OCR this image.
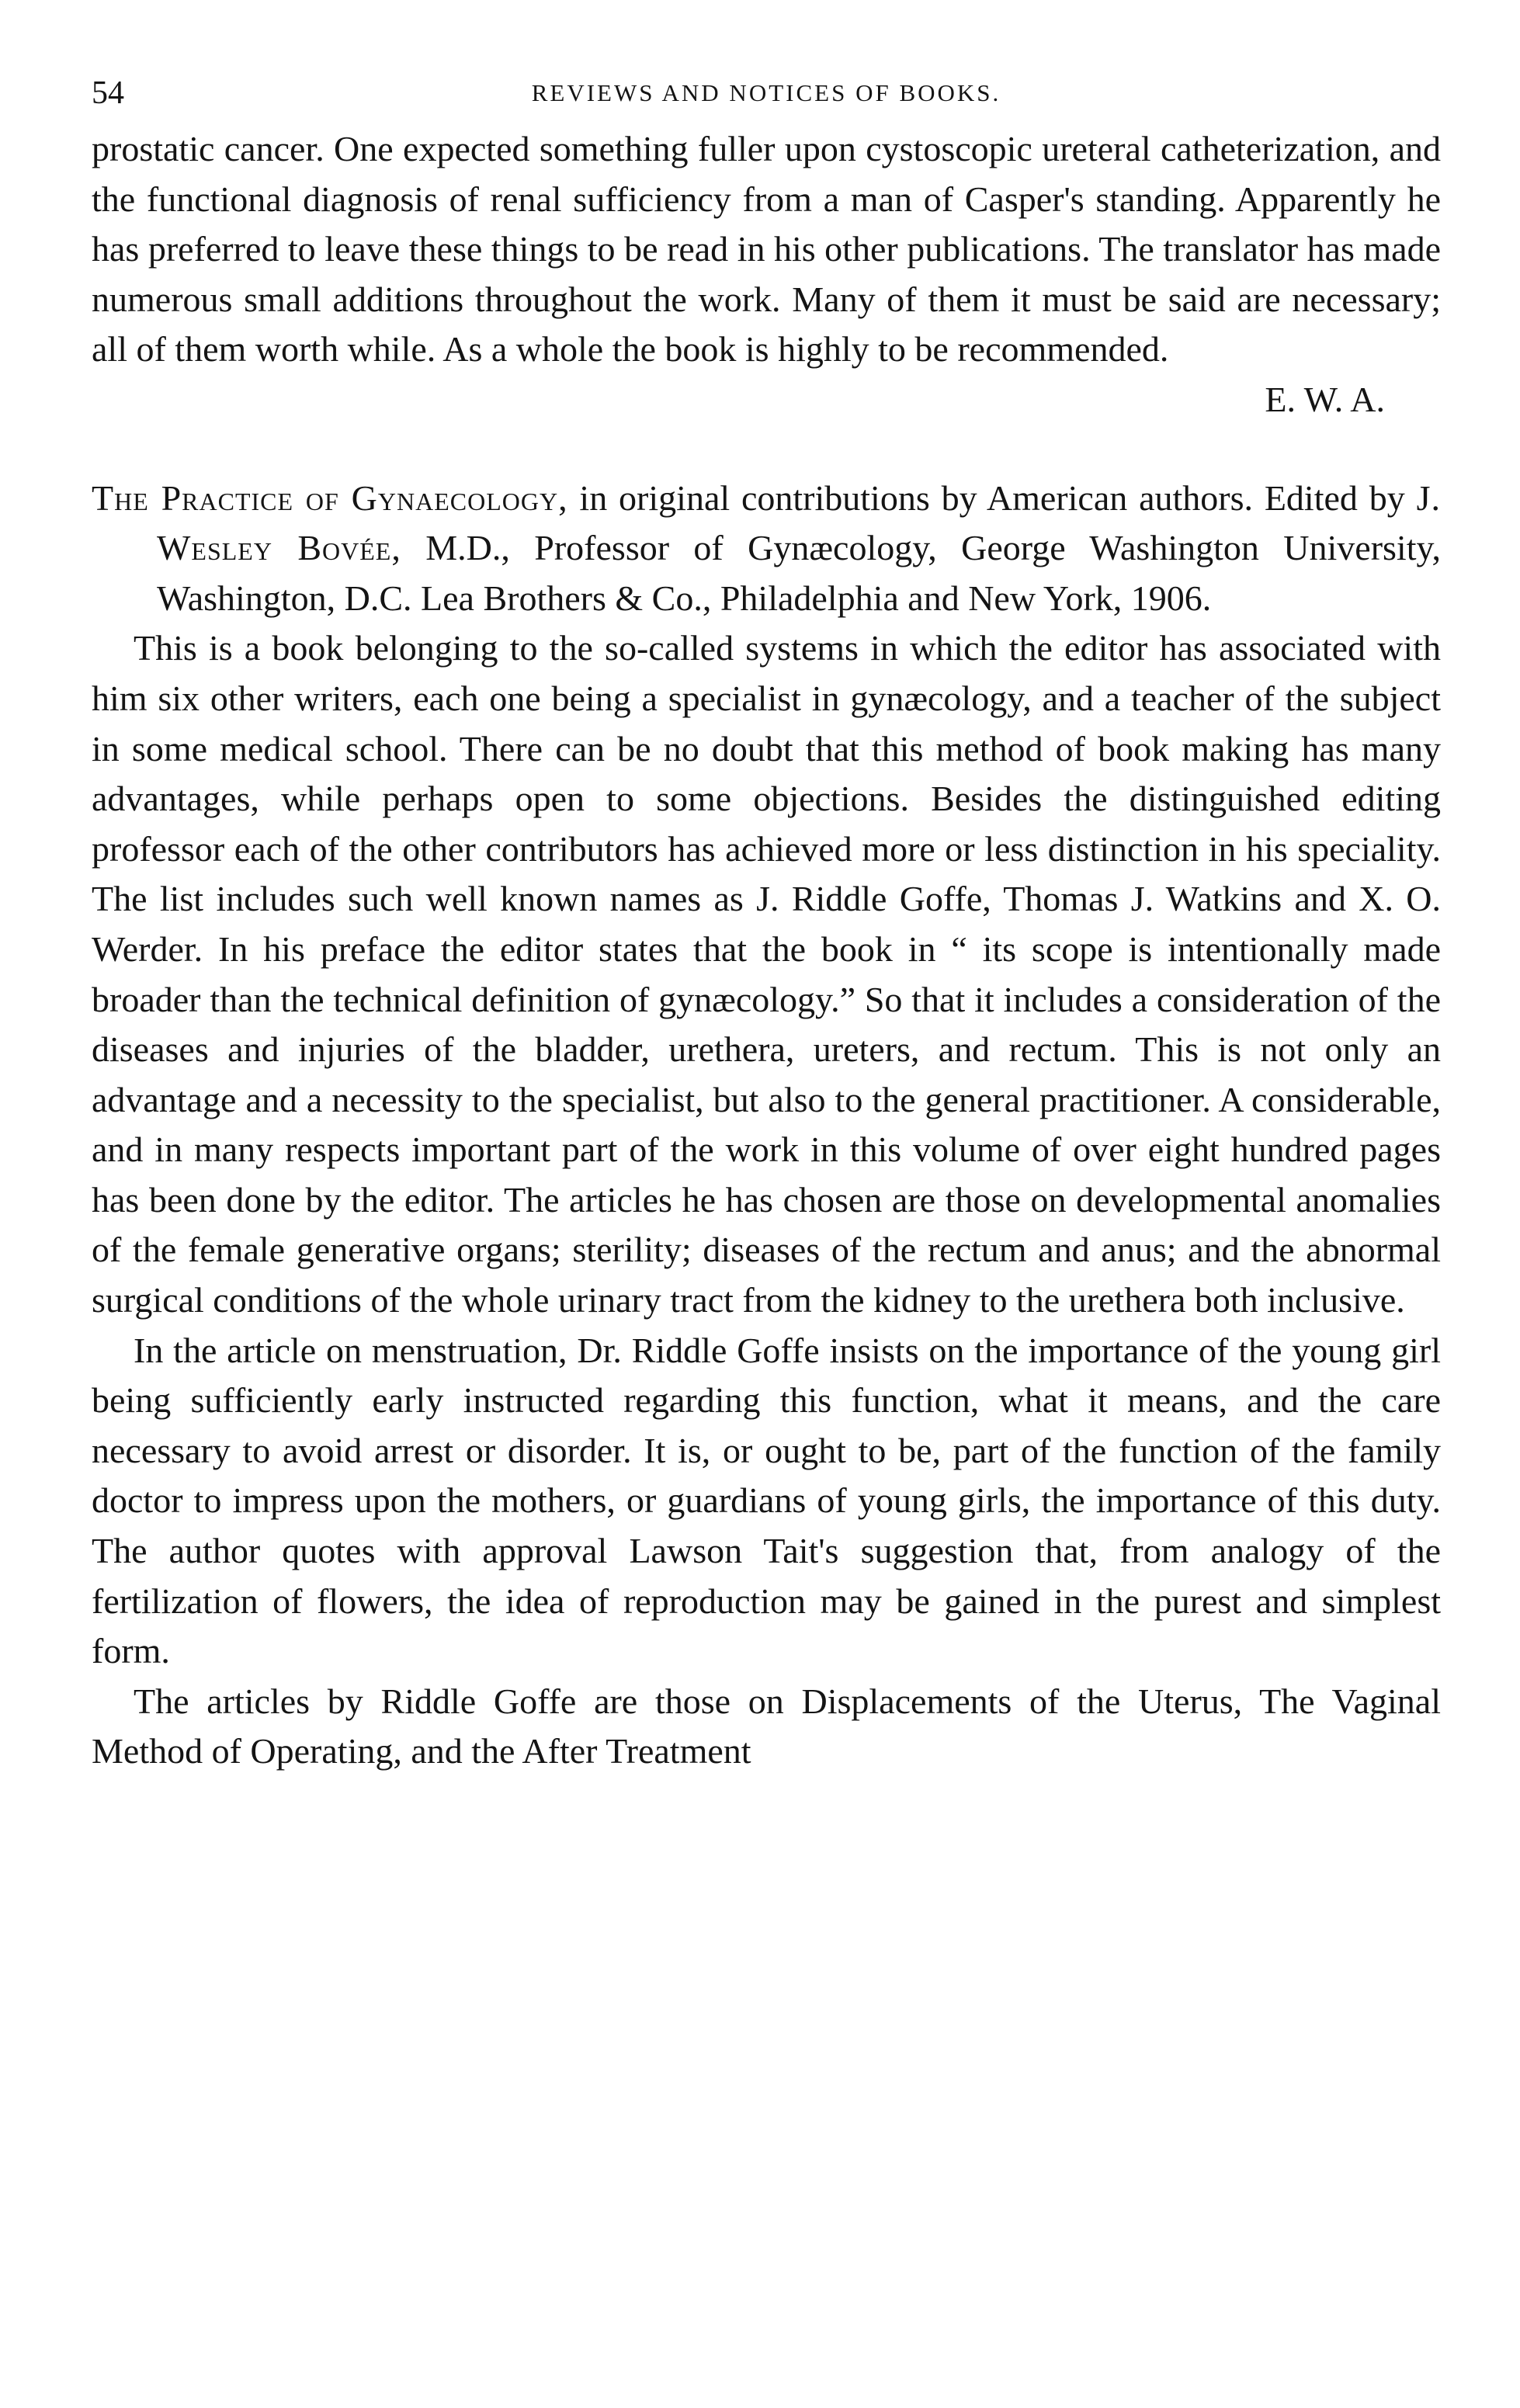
54	REVIEWS AND NOTICES OF BOOKS.

prostatic cancer. One expected something fuller upon cystoscopic ureteral catheterization, and the functional diagnosis of renal sufficiency from a man of Casper's standing. Apparently he has preferred to leave these things to be read in his other publications. The translator has made numerous small additions throughout the work. Many of them it must be said are necessary; all of them worth while. As a whole the book is highly to be recommended.

E. W. A.

The Practice of Gynaecology, in original contributions by American authors. Edited by J. Wesley Bovée, M.D., Professor of Gynæcology, George Washington University, Washington, D.C. Lea Brothers & Co., Philadelphia and New York, 1906.

This is a book belonging to the so-called systems in which the editor has associated with him six other writers, each one being a specialist in gynæcology, and a teacher of the subject in some medical school. There can be no doubt that this method of book making has many advantages, while perhaps open to some objections. Besides the distinguished editing professor each of the other contributors has achieved more or less distinction in his speciality. The list includes such well known names as J. Riddle Goffe, Thomas J. Watkins and X. O. Werder. In his preface the editor states that the book in “ its scope is intentionally made broader than the technical definition of gynæcology.” So that it includes a consideration of the diseases and injuries of the bladder, urethera, ureters, and rectum. This is not only an advantage and a necessity to the specialist, but also to the general practitioner. A considerable, and in many respects important part of the work in this volume of over eight hundred pages has been done by the editor. The articles he has chosen are those on developmental anomalies of the female generative organs; sterility; diseases of the rectum and anus; and the abnormal surgical conditions of the whole urinary tract from the kidney to the urethera both inclusive.

In the article on menstruation, Dr. Riddle Goffe insists on the importance of the young girl being sufficiently early instructed regarding this function, what it means, and the care necessary to avoid arrest or disorder. It is, or ought to be, part of the function of the family doctor to impress upon the mothers, or guardians of young girls, the importance of this duty. The author quotes with approval Lawson Tait's suggestion that, from analogy of the fertilization of flowers, the idea of reproduction may be gained in the purest and simplest form.

The articles by Riddle Goffe are those on Displacements of the Uterus, The Vaginal Method of Operating, and the After Treatment
